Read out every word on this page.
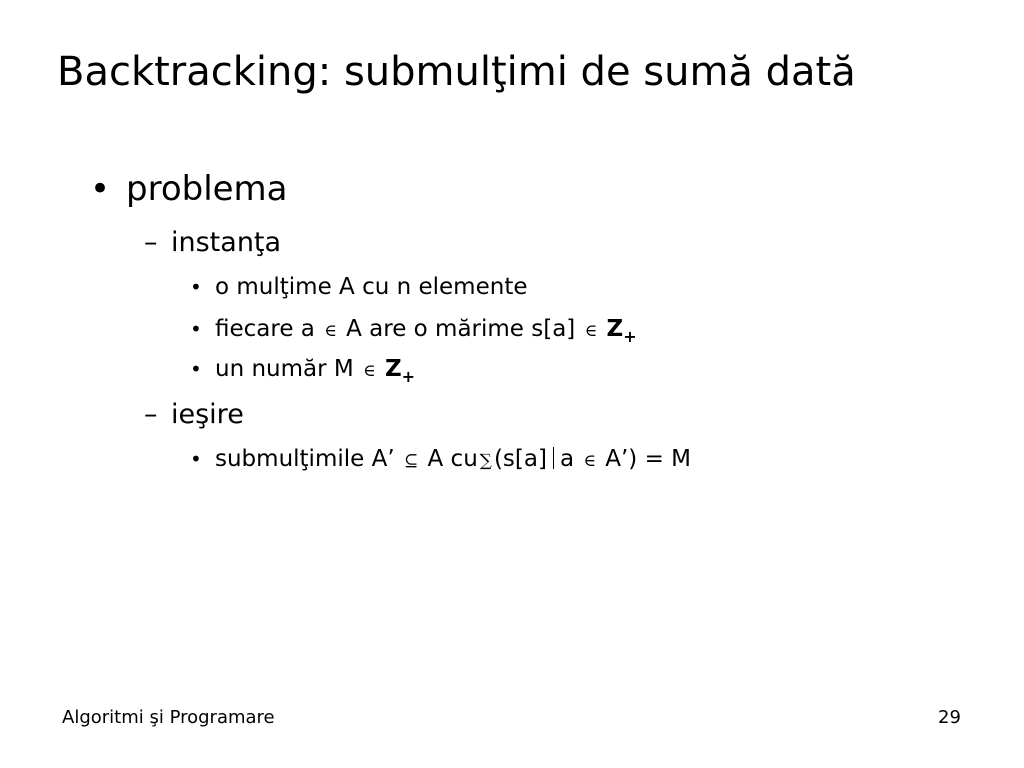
Backtracking: submulţimi de sumă dată
• problema
– instanţa
• o mulţime A cu n elemente
• fiecare a ∈ A are o mărime s[a] ∈ $Z_+$
• un număr M ∈ $Z_+$
– ieşire
• submulţimile A’ ⊆ A cu ∑(s[a] a ∈ A’) = M
Algoritmi şi Programare	29
